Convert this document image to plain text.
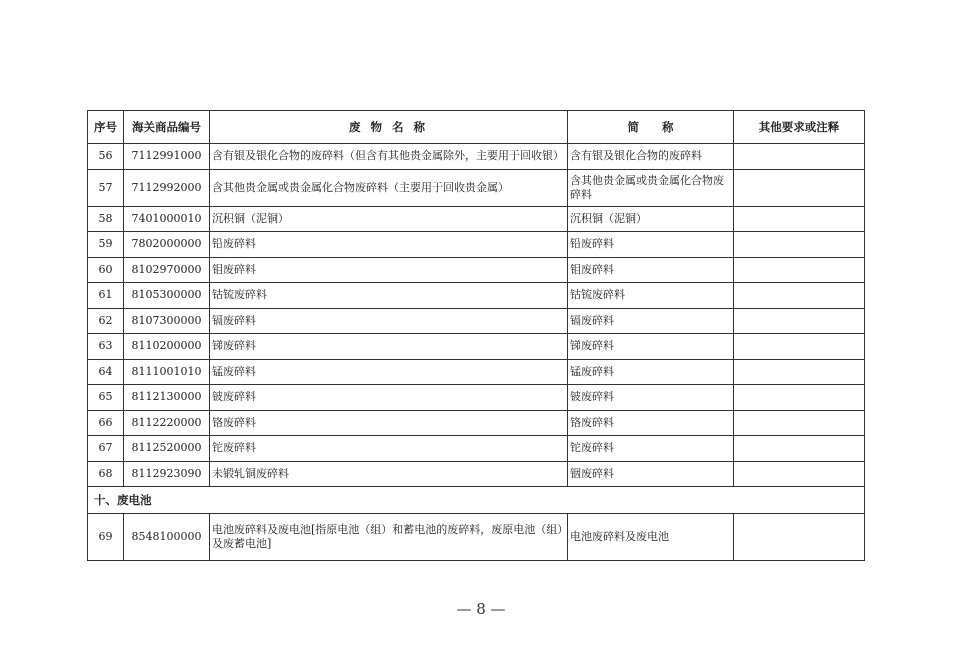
序号	海关商品编号	废 物 名 称	简　　称	其他要求或注释
56	7112991000	含有银及银化合物的废碎料（但含有其他贵金属除外，主要用于回收银）	含有银及银化合物的废碎料	
57	7112992000	含其他贵金属或贵金属化合物废碎料（主要用于回收贵金属）	含其他贵金属或贵金属化合物废碎料	
58	7401000010	沉积铜（泥铜）	沉积铜（泥铜）	
59	7802000000	铅废碎料	铅废碎料	
60	8102970000	钼废碎料	钼废碎料	
61	8105300000	钴锍废碎料	钴锍废碎料	
62	8107300000	镉废碎料	镉废碎料	
63	8110200000	锑废碎料	锑废碎料	
64	8111001010	锰废碎料	锰废碎料	
65	8112130000	铍废碎料	铍废碎料	
66	8112220000	铬废碎料	铬废碎料	
67	8112520000	铊废碎料	铊废碎料	
68	8112923090	未锻轧铜废碎料	铟废碎料	
十、废电池				
69	8548100000	电池废碎料及废电池[指原电池（组）和蓄电池的废碎料，废原电池（组）及废蓄电池]	电池废碎料及废电池	
— 8 —
